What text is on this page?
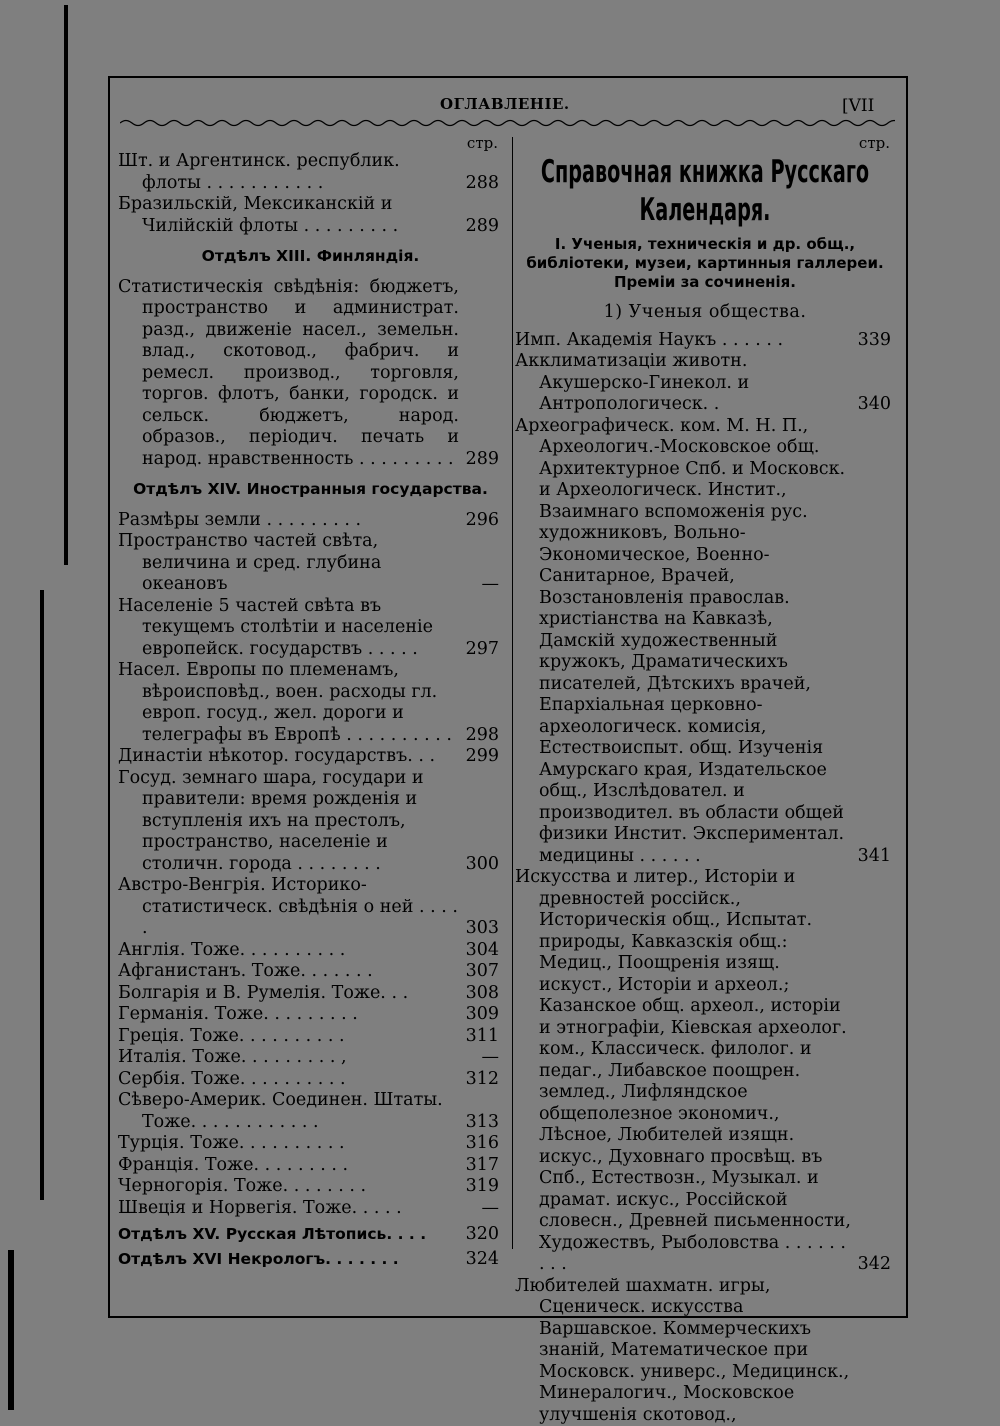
ОГЛАВЛЕНІЕ.	[VII
стр.
Шт. и Аргентинск. республик. флоты . . . . . . . . . . .	288
Бразильскій, Мексиканскій и Чилійскій флоты . . . . . . . . .	289
Отдѣлъ XIII. Финляндія.
Статистическія свѣдѣнія: бюджетъ, пространство и администрат. разд., движеніе насел., земельн. влад., скотовод., фабрич. и ремесл. производ., торговля, торгов. флотъ, банки, городск. и сельск. бюджетъ, народ. образов., періодич. печать и народ. нравственность . . . . . . . . . 289
Отдѣлъ XIV. Иностранныя государства.
Размѣры земли . . . . . . . . .	296
Пространство частей свѣта, величина и сред. глубина океановъ	—
Населеніе 5 частей свѣта въ текущемъ столѣтіи и населеніе европейск. государствъ . . . . .	297
Насел. Европы по племенамъ, вѣроисповѣд., воен. расходы гл. европ. госуд., жел. дороги и телеграфы въ Европѣ . . . . . . . . . . 298
Династіи нѣкотор. государствъ. . .	299
Госуд. земнаго шара, государи и правители: время рожденія и вступленія ихъ на престолъ, пространство, населеніе и столичн. города . . . . . . . .	300
Австро-Венгрія. Историко-статистическ. свѣдѣнія о ней . . . . .	303
Англія. Тоже. . . . . . . . . .	304
Афганистанъ. Тоже. . . . . . .	307
Болгарія и В. Румелія. Тоже. . .	308
Германія. Тоже. . . . . . . . .	309
Греція. Тоже. . . . . . . . . .	311
Италія. Тоже. . . . . . . . . ,	—
Сербія. Тоже. . . . . . . . . .	312
Сѣверо-Америк. Соединен. Штаты. Тоже. . . . . . . . . . . .	313
Турція. Тоже. . . . . . . . . .	316
Франція. Тоже. . . . . . . . .	317
Черногорія. Тоже. . . . . . . .	319
Швеція и Норвегія. Тоже. . . . .	—
Отдѣлъ XV. Русская Лѣтопись. . . .	320
Отдѣлъ XVI Некрологъ. . . . . . .	324
стр.
Справочная книжка Русскаго Календаря.
I. Ученыя, техническія и др. общ., библіотеки, музеи, картинныя галлереи. Преміи за сочиненія.
1) Ученыя общества.
Имп. Академія Наукъ . . . . . .	339
Акклиматизаціи животн. Акушерско-Гинекол. и Антропологическ. .	340
Археографическ. ком. М. Н. П., Археологич.-Московское общ. Архитектурное Спб. и Московск. и Археологическ. Инстит., Взаимнаго вспоможенія рус. художниковъ, Вольно-Экономическое, Военно-Санитарное, Врачей, Возстановленія православ. христіанства на Кавказѣ, Дамскій художественный кружокъ, Драматическихъ писателей, Дѣтскихъ врачей, Епархіальная церковно-археологическ. комисія, Естествоиспыт. общ. Изученія Амурскаго края, Издательское общ., Изслѣдовател. и производител. въ области общей физики Инстит. Экспериментал. медицины . . . . . .	341
Искусства и литер., Исторіи и древностей россійск., Историческія общ., Испытат. природы, Кавказскія общ.: Медиц., Поощренія изящ. искуст., Исторіи и археол.; Казанское общ. археол., исторіи и этнографіи, Кіевская археолог. ком., Классическ. филолог. и педаг., Либавское поощрен. землед., Лифляндское общеполезное экономич., Лѣсное, Любителей изящн. искус., Духовнаго просвѣщ. въ Спб., Естествозн., Музыкал. и драмат. искус., Россійской словесн., Древней письменности, Художествъ, Рыболовства . . . . . . . . .	342
Любителей шахматн. игры, Сценическ. искусства Варшавское. Коммерческихъ знаній, Математическое при Московск. универс., Медицинск., Минералогич., Московское улучшенія скотовод.,
